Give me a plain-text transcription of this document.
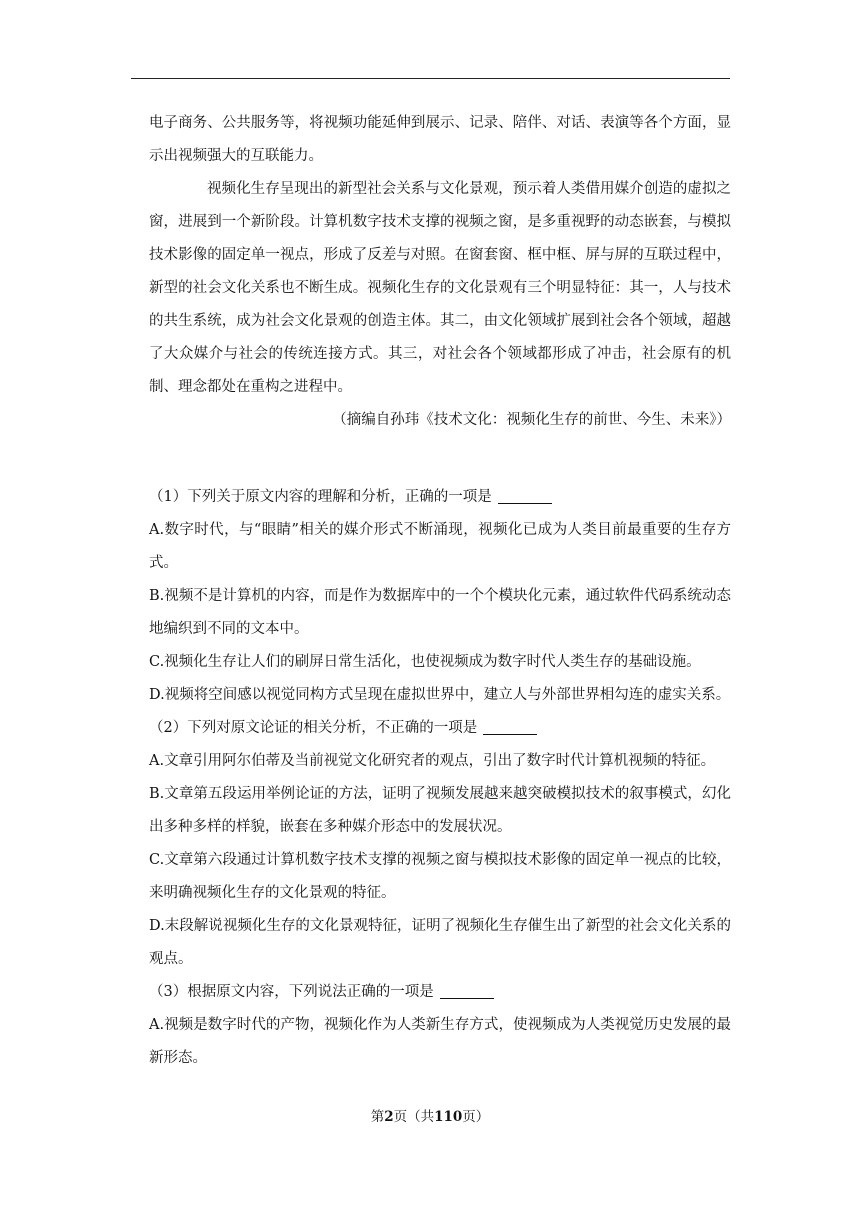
电子商务、公共服务等，将视频功能延伸到展示、记录、陪伴、对话、表演等各个方面，显示出视频强大的互联能力。

视频化生存呈现出的新型社会关系与文化景观，预示着人类借用媒介创造的虚拟之窗，进展到一个新阶段。计算机数字技术支撑的视频之窗，是多重视野的动态嵌套，与模拟技术影像的固定单一视点，形成了反差与对照。在窗套窗、框中框、屏与屏的互联过程中，新型的社会文化关系也不断生成。视频化生存的文化景观有三个明显特征：其一，人与技术的共生系统，成为社会文化景观的创造主体。其二，由文化领域扩展到社会各个领域，超越了大众媒介与社会的传统连接方式。其三，对社会各个领域都形成了冲击，社会原有的机制、理念都处在重构之进程中。

（摘编自孙玮《技术文化：视频化生存的前世、今生、未来》）

（1）下列关于原文内容的理解和分析，正确的一项是

A.数字时代，与“眼睛”相关的媒介形式不断涌现，视频化已成为人类目前最重要的生存方式。

B.视频不是计算机的内容，而是作为数据库中的一个个模块化元素，通过软件代码系统动态地编织到不同的文本中。

C.视频化生存让人们的刷屏日常生活化，也使视频成为数字时代人类生存的基础设施。

D.视频将空间感以视觉同构方式呈现在虚拟世界中，建立人与外部世界相勾连的虚实关系。

（2）下列对原文论证的相关分析，不正确的一项是

A.文章引用阿尔伯蒂及当前视觉文化研究者的观点，引出了数字时代计算机视频的特征。

B.文章第五段运用举例论证的方法，证明了视频发展越来越突破模拟技术的叙事模式，幻化出多种多样的样貌，嵌套在多种媒介形态中的发展状况。

C.文章第六段通过计算机数字技术支撑的视频之窗与模拟技术影像的固定单一视点的比较，来明确视频化生存的文化景观的特征。

D.末段解说视频化生存的文化景观特征，证明了视频化生存催生出了新型的社会文化关系的观点。

（3）根据原文内容，下列说法正确的一项是

A.视频是数字时代的产物，视频化作为人类新生存方式，使视频成为人类视觉历史发展的最新形态。

第2页（共110页）
